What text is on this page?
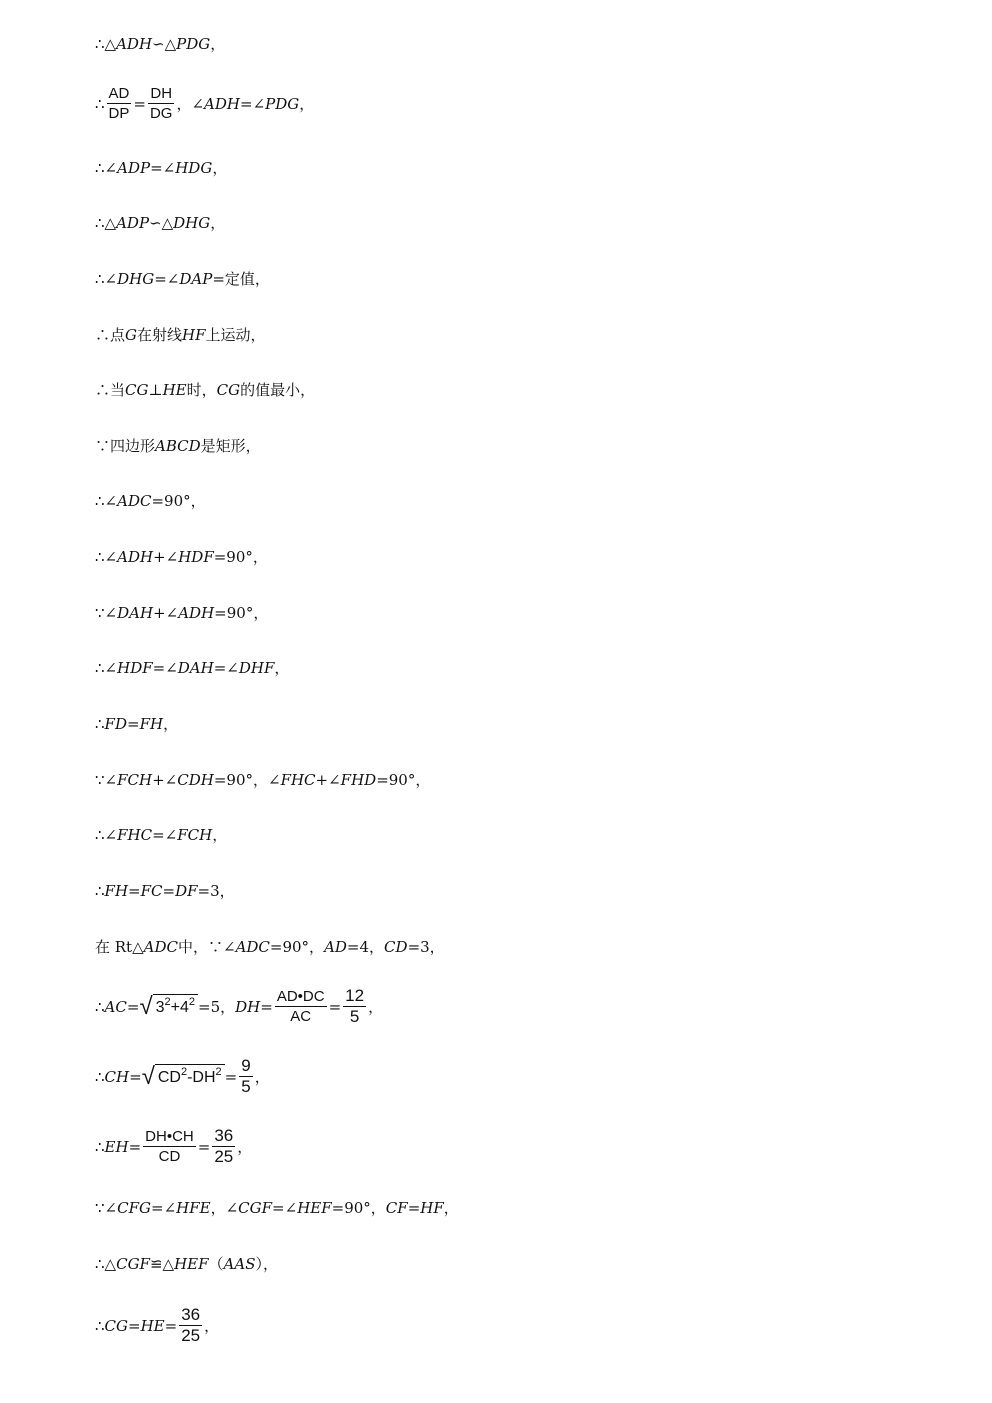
∴△ ADH ∽△ PDG ，
∴ $\frac{AD}{DP} = \frac{DH}{DG}$ ，∠ ADH =∠ PDG ，
∴∠ ADP =∠ HDG ，
∴△ ADP ∽△ DHG ，
∴∠ DHG =∠ DAP =定值，
∴点 G 在射线 HF 上运动，
∴当 CG ⊥ HE 时， CG 的值最小，
∵四边形 ABCD 是矩形，
∴∠ ADC =90°，
∴∠ ADH +∠ HDF =90°，
∵∠ DAH +∠ ADH =90°，
∴∠ HDF =∠ DAH =∠ DHF ，
∴ FD = FH ，
∵∠ FCH +∠ CDH =90°，∠ FHC +∠ FHD =90°，
∴∠ FHC =∠ FCH ，
∴ FH = FC = DF =3，
在 Rt△ ADC 中，∵∠ ADC =90°， AD =4， CD =3，
∴ AC = √ $3^2+4^2 =5$， DH = $\frac{AD•DC}{AC} = \frac{12}{5}$ ，
∴ CH = √ $CD^2-DH^2 = \frac{9}{5}$ ，
∴ EH = $\frac{DH•CH}{CD} = \frac{36}{25}$ ，
∵∠ CFG =∠ HFE ，∠ CGF =∠ HEF =90°， CF = HF ，
∴△ CGF ≌△ HEF （ AAS ），
∴ CG = HE = $\frac{36}{25}$ ，
